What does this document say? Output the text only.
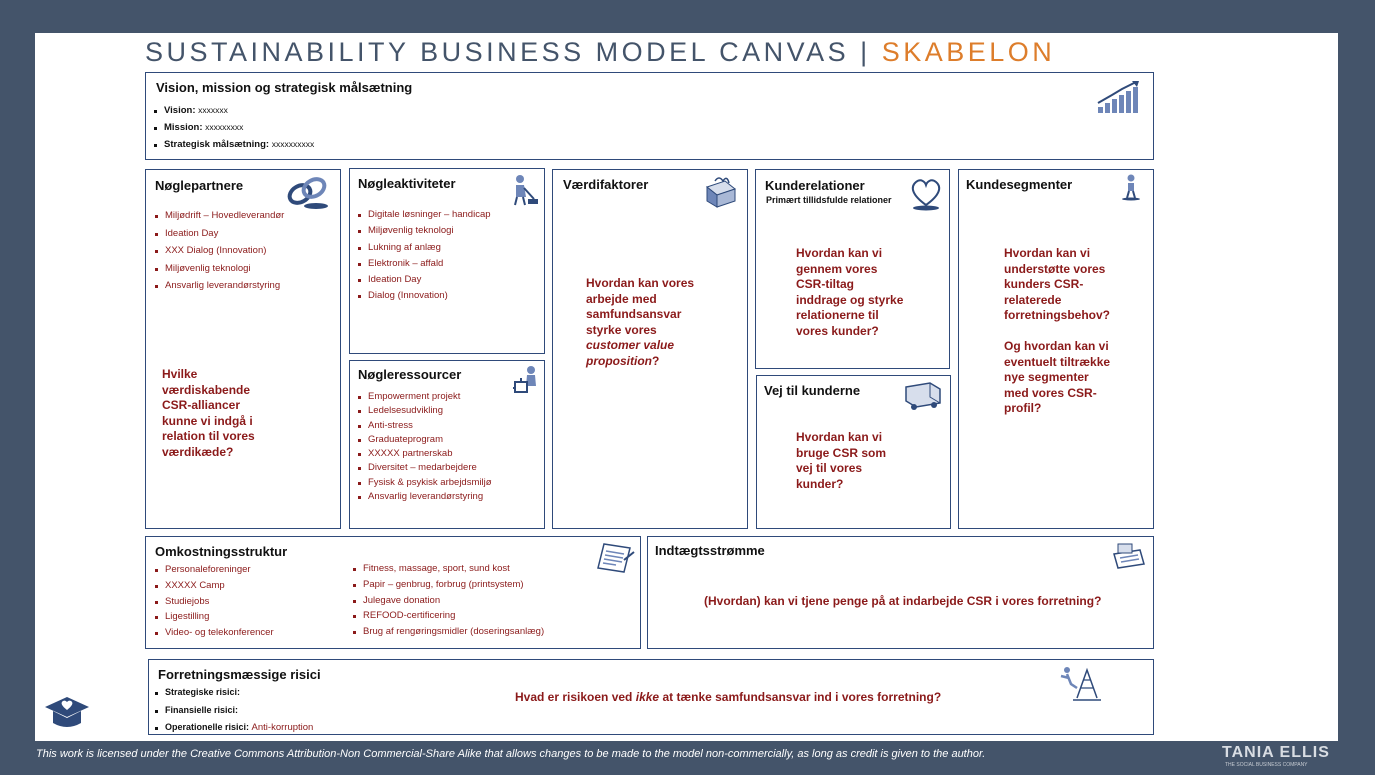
SUSTAINABILITY BUSINESS MODEL CANVAS | SKABELON
Vision, mission og strategisk målsætning
Vision: xxxxxxx
Mission: xxxxxxxxx
Strategisk målsætning: xxxxxxxxxx
Nøglepartnere
Miljødrift – Hovedleverandør
Ideation Day
XXX Dialog (Innovation)
Miljøvenlig teknologi
Ansvarlig leverandørstyring
Hvilke værdiskabende CSR-alliancer kunne vi indgå i relation til vores værdikæde?
Nøgleaktiviteter
Digitale løsninger – handicap
Miljøvenlig teknologi
Lukning af anlæg
Elektronik – affald
Ideation Day
Dialog (Innovation)
Nøgleressourcer
Empowerment projekt
Ledelsesudvikling
Anti-stress
Graduateprogram
XXXXX partnerskab
Diversitet – medarbejdere
Fysisk & psykisk arbejdsmiljø
Ansvarlig leverandørstyring
Værdifaktorer
Hvordan kan vores arbejde med samfundsansvar styrke vores customer value proposition?
Kunderelationer
Primært tillidsfulde relationer
Hvordan kan vi gennem vores CSR-tiltag inddrage og styrke relationerne til vores kunder?
Vej til kunderne
Hvordan kan vi bruge CSR som vej til vores kunder?
Kundesegmenter
Hvordan kan vi understøtte vores kunders CSR-relaterede forretningsbehov?
Og hvordan kan vi eventuelt tiltrække nye segmenter med vores CSR-profil?
Omkostningsstruktur
Personaleforeninger
XXXXX Camp
Studiejobs
Ligestilling
Video- og telekonferencer
Fitness, massage, sport, sund kost
Papir – genbrug, forbrug (printsystem)
Julegave donation
REFOOD-certificering
Brug af rengøringsmidler (doseringsanlæg)
Indtægtsstrømme
(Hvordan) kan vi tjene penge på at indarbejde CSR i vores forretning?
Forretningsmæssige risici
Strategiske risici:
Finansielle risici:
Operationelle risici: Anti-korruption
Hvad er risikoen ved ikke at tænke samfundsansvar ind i vores forretning?
This work is licensed under the Creative Commons Attribution-Non Commercial-Share Alike that allows changes to be made to the model non-commercially, as long as credit is given to the author.	TANIA ELLIS
THE SOCIAL BUSINESS COMPANY
